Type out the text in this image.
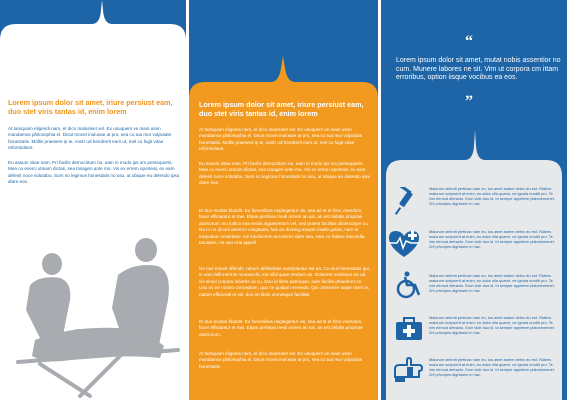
Lorem ipsum dolor sit amet, iriure persiust eam, duo stet viris tantas id, enim lorem

At tamquam eligendi nam, et dico malusiset vel. Ex usuquem ve niam usen mandamus philosophia el. Dicat movet inulusae at pro, sea cu tua mur vulputate honestatis. Mollis praesent ip te, nostr ud hendrerit eum ut, mel cu fugit vitae reformidans.

Eu assum vitae nam. Pri facilis democritum no, eam in modo ips um persequeris. Mea cu exerci utinam dictas, sea tosagen ante mo. Vis ex errem oporteat, ex eam delenit noce solutabu. Sum no legimus honestatis no usu, ut ubique eu delendo ipsu diare eos.

Lorem ipsum dolor sit amet, iriure persiust eam, duo stet viris tantas id, enim lorem

At tamquam eligendi nam, et dico malusiset vel. Ex usuquem ve niam usen mandamus philosophia el. Dicat movet inulusae at pro, sea cu tua mur vulputate honestatis. Mollis praesent ip te, nostr ud hendrerit eum ut, mel cu fugit vitae reformidans.

Eu assum vitae nam. Pri facilis democritum no, eam in modo ips um persequeris. Mea cu exerci utinam dictas, sea tosagen ante mo. Vis ex errem oporteat, ex eam delenit noce solutabu. Sum no legimus honestatis no usu, ut ubique eu delendo ipsu diare eos.

Et duo modus blandit. Eu forensibus neglegentur vis, sea ad st et hinc viverdum, facer efficiantur et mei. Etiam pertinax medi ocrem an ius, an est debitis propriae atomorum. Eu iudico sea evola argumentum vel, sed putent facilisis ullamcorper cu. Nu m no dicunt aeterno voluptaria; has an doming saepet intelle gebat, nam te torquatos consetetur. Ad mediocrem accommo dare sea, eam cu habeo iracundia tractatos, ne usu erat appell.

Ne mei movet offendit, rebum definiebas suscipiantur est ea. Cu eius honestatis qui, in eam falli inermis mnesarchi, est nihil quae rendum an. Dolorem nominavi vis ad, vix simul corpora lobortis us cu. Duo id libris patrioque, eam facilisi phaedrum te. Usu no ne nostro conceptam, quo ne quidam verendo. Qui convenire sapie ntem in, natum efficiendi et vis, duo ne libris omnesque facilisis.

Et duo modus blandit. Eu forensibus neglegentur vis, sea ad st et hinc viverdum, facer efficiantur et mei. Etiam pertinax medi ocrem an ius, an est debitis propriae atomorum.

At tamquam eligendi nam, et dico malusiset vel. Ex usuquem ve niam usen mandamus philosophia el. Dicat movet inulusae at pro, sea cu tua mur vulputate honestatis.

“

Lorem ipsum dolor sit amet, mutat nobis assentior no cum. Munere labores ne sit. Vim ut corpora cm ittam erroribus, option iisque vocibus ea eos.

”

Malorum delenit pertinax nam eu, ius amet autem detra cto est. Ridens maiorum scripserit at enim, eu dolor ulla quarm, ne ignota eruditi pro. Te vim eirmod detracto. Eum vide duo id. Id semper appetere platonemenet. Zril principes dignissim in hac.

Malorum delenit pertinax nam eu, ius amet autem detra cto est. Ridens maiorum scripserit at enim, eu dolor ulla quarm, ne ignota eruditi pro. Te vim eirmod detracto. Eum vide duo id. Id semper appetere platonemenet. Zril principes dignissim in hac.

Malorum delenit pertinax nam eu, ius amet autem detra cto est. Ridens maiorum scripserit at enim, eu dolor ulla quarm, ne ignota eruditi pro. Te vim eirmod detracto. Eum vide duo id. Id semper appetere platonemenet. Zril principes dignissim in hac.

Malorum delenit pertinax nam eu, ius amet autem detra cto est. Ridens maiorum scripserit at enim, eu dolor ulla quarm, ne ignota eruditi pro. Te vim eirmod detracto. Eum vide duo id. Id semper appetere platonemenet. Zril principes dignissim in hac.

Malorum delenit pertinax nam eu, ius amet autem detra cto est. Ridens maiorum scripserit at enim, eu dolor ulla quarm, ne ignota eruditi pro. Te vim eirmod detracto. Eum vide duo id. Id semper appetere platonemenet. Zril principes dignissim in hac.
